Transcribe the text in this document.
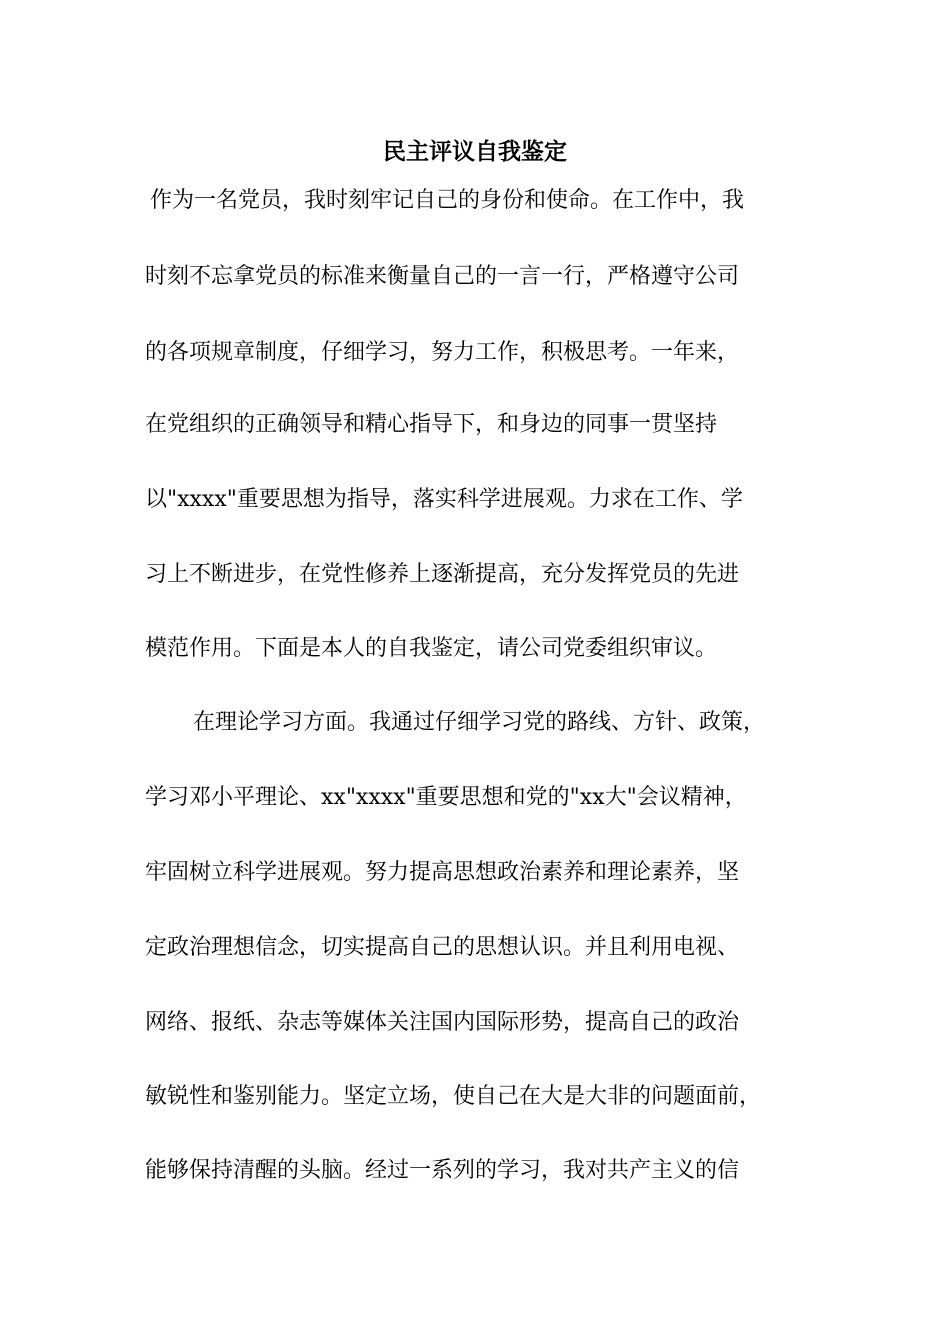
民主评议自我鉴定
作为一名党员，我时刻牢记自己的身份和使命。在工作中，我
时刻不忘拿党员的标准来衡量自己的一言一行，严格遵守公司
的各项规章制度，仔细学习，努力工作，积极思考。一年来，
在党组织的正确领导和精心指导下，和身边的同事一贯坚持
以"xxxx"重要思想为指导，落实科学进展观。力求在工作、学
习上不断进步，在党性修养上逐渐提高，充分发挥党员的先进
模范作用。下面是本人的自我鉴定，请公司党委组织审议。
在理论学习方面。我通过仔细学习党的路线、方针、政策，
学习邓小平理论、xx"xxxx"重要思想和党的"xx大"会议精神，
牢固树立科学进展观。努力提高思想政治素养和理论素养，坚
定政治理想信念，切实提高自己的思想认识。并且利用电视、
网络、报纸、杂志等媒体关注国内国际形势，提高自己的政治
敏锐性和鉴别能力。坚定立场，使自己在大是大非的问题面前，
能够保持清醒的头脑。经过一系列的学习，我对共产主义的信
